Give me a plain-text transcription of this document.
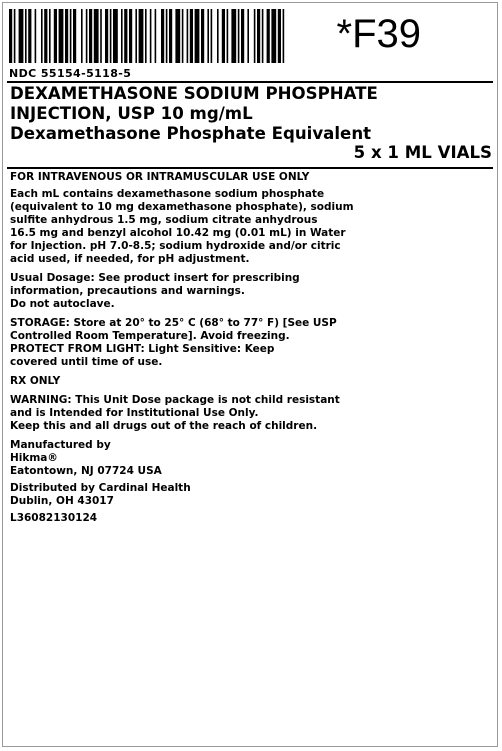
*F39
NDC 55154-5118-5
DEXAMETHASONE SODIUM PHOSPHATE
INJECTION, USP 10 mg/mL
Dexamethasone Phosphate Equivalent
5 x 1 ML VIALS
FOR INTRAVENOUS OR INTRAMUSCULAR USE ONLY
Each mL contains dexamethasone sodium phosphate
(equivalent to 10 mg dexamethasone phosphate), sodium
sulfite anhydrous 1.5 mg, sodium citrate anhydrous
16.5 mg and benzyl alcohol 10.42 mg (0.01 mL) in Water
for Injection. pH 7.0-8.5; sodium hydroxide and/or citric
acid used, if needed, for pH adjustment.
Usual Dosage: See product insert for prescribing
information, precautions and warnings.
Do not autoclave.
STORAGE: Store at 20° to 25° C (68° to 77° F) [See USP
Controlled Room Temperature]. Avoid freezing.
PROTECT FROM LIGHT: Light Sensitive: Keep
covered until time of use.
RX ONLY
WARNING: This Unit Dose package is not child resistant
and is Intended for Institutional Use Only.
Keep this and all drugs out of the reach of children.
Manufactured by
Hikma®
Eatontown, NJ 07724 USA
Distributed by Cardinal Health
Dublin, OH 43017
L36082130124
